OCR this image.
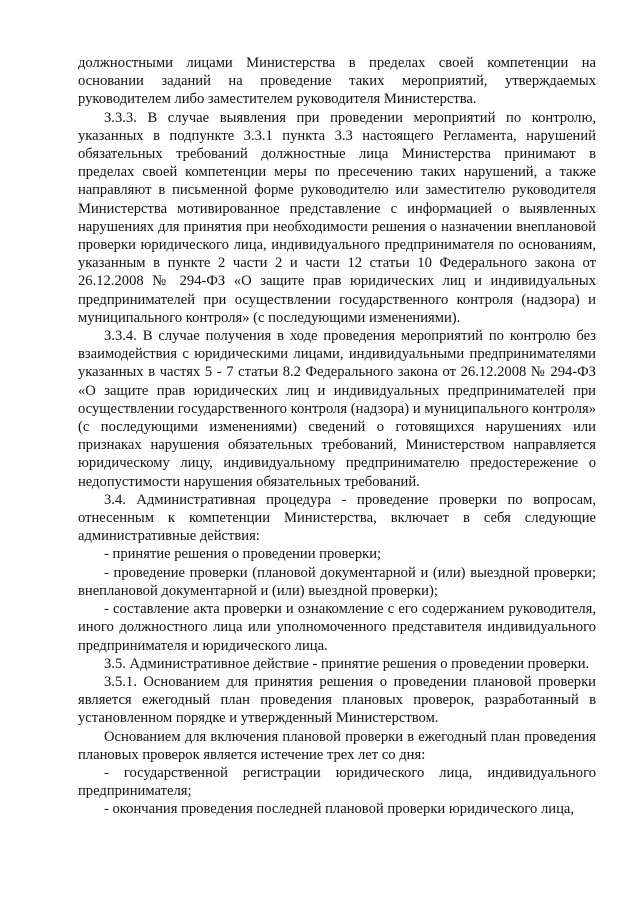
должностными лицами Министерства в пределах своей компетенции на основании заданий на проведение таких мероприятий, утверждаемых руководителем либо заместителем руководителя Министерства.

3.3.3. В случае выявления при проведении мероприятий по контролю, указанных в подпункте 3.3.1 пункта 3.3 настоящего Регламента, нарушений обязательных требований должностные лица Министерства принимают в пределах своей компетенции меры по пресечению таких нарушений, а также направляют в письменной форме руководителю или заместителю руководителя Министерства мотивированное представление с информацией о выявленных нарушениях для принятия при необходимости решения о назначении внеплановой проверки юридического лица, индивидуального предпринимателя по основаниям, указанным в пункте 2 части 2 и части 12 статьи 10 Федерального закона от 26.12.2008 № 294-ФЗ «О защите прав юридических лиц и индивидуальных предпринимателей при осуществлении государственного контроля (надзора) и муниципального контроля» (с последующими изменениями).

3.3.4. В случае получения в ходе проведения мероприятий по контролю без взаимодействия с юридическими лицами, индивидуальными предпринимателями указанных в частях 5 - 7 статьи 8.2 Федерального закона от 26.12.2008 № 294-ФЗ «О защите прав юридических лиц и индивидуальных предпринимателей при осуществлении государственного контроля (надзора) и муниципального контроля» (с последующими изменениями) сведений о готовящихся нарушениях или признаках нарушения обязательных требований, Министерством направляется юридическому лицу, индивидуальному предпринимателю предостережение о недопустимости нарушения обязательных требований.

3.4. Административная процедура - проведение проверки по вопросам, отнесенным к компетенции Министерства, включает в себя следующие административные действия:

- принятие решения о проведении проверки;

- проведение проверки (плановой документарной и (или) выездной проверки; внеплановой документарной и (или) выездной проверки);

- составление акта проверки и ознакомление с его содержанием руководителя, иного должностного лица или уполномоченного представителя индивидуального предпринимателя и юридического лица.

3.5. Административное действие - принятие решения о проведении проверки.

3.5.1. Основанием для принятия решения о проведении плановой проверки является ежегодный план проведения плановых проверок, разработанный в установленном порядке и утвержденный Министерством.

Основанием для включения плановой проверки в ежегодный план проведения плановых проверок является истечение трех лет со дня:

- государственной регистрации юридического лица, индивидуального предпринимателя;

- окончания проведения последней плановой проверки юридического лица,
